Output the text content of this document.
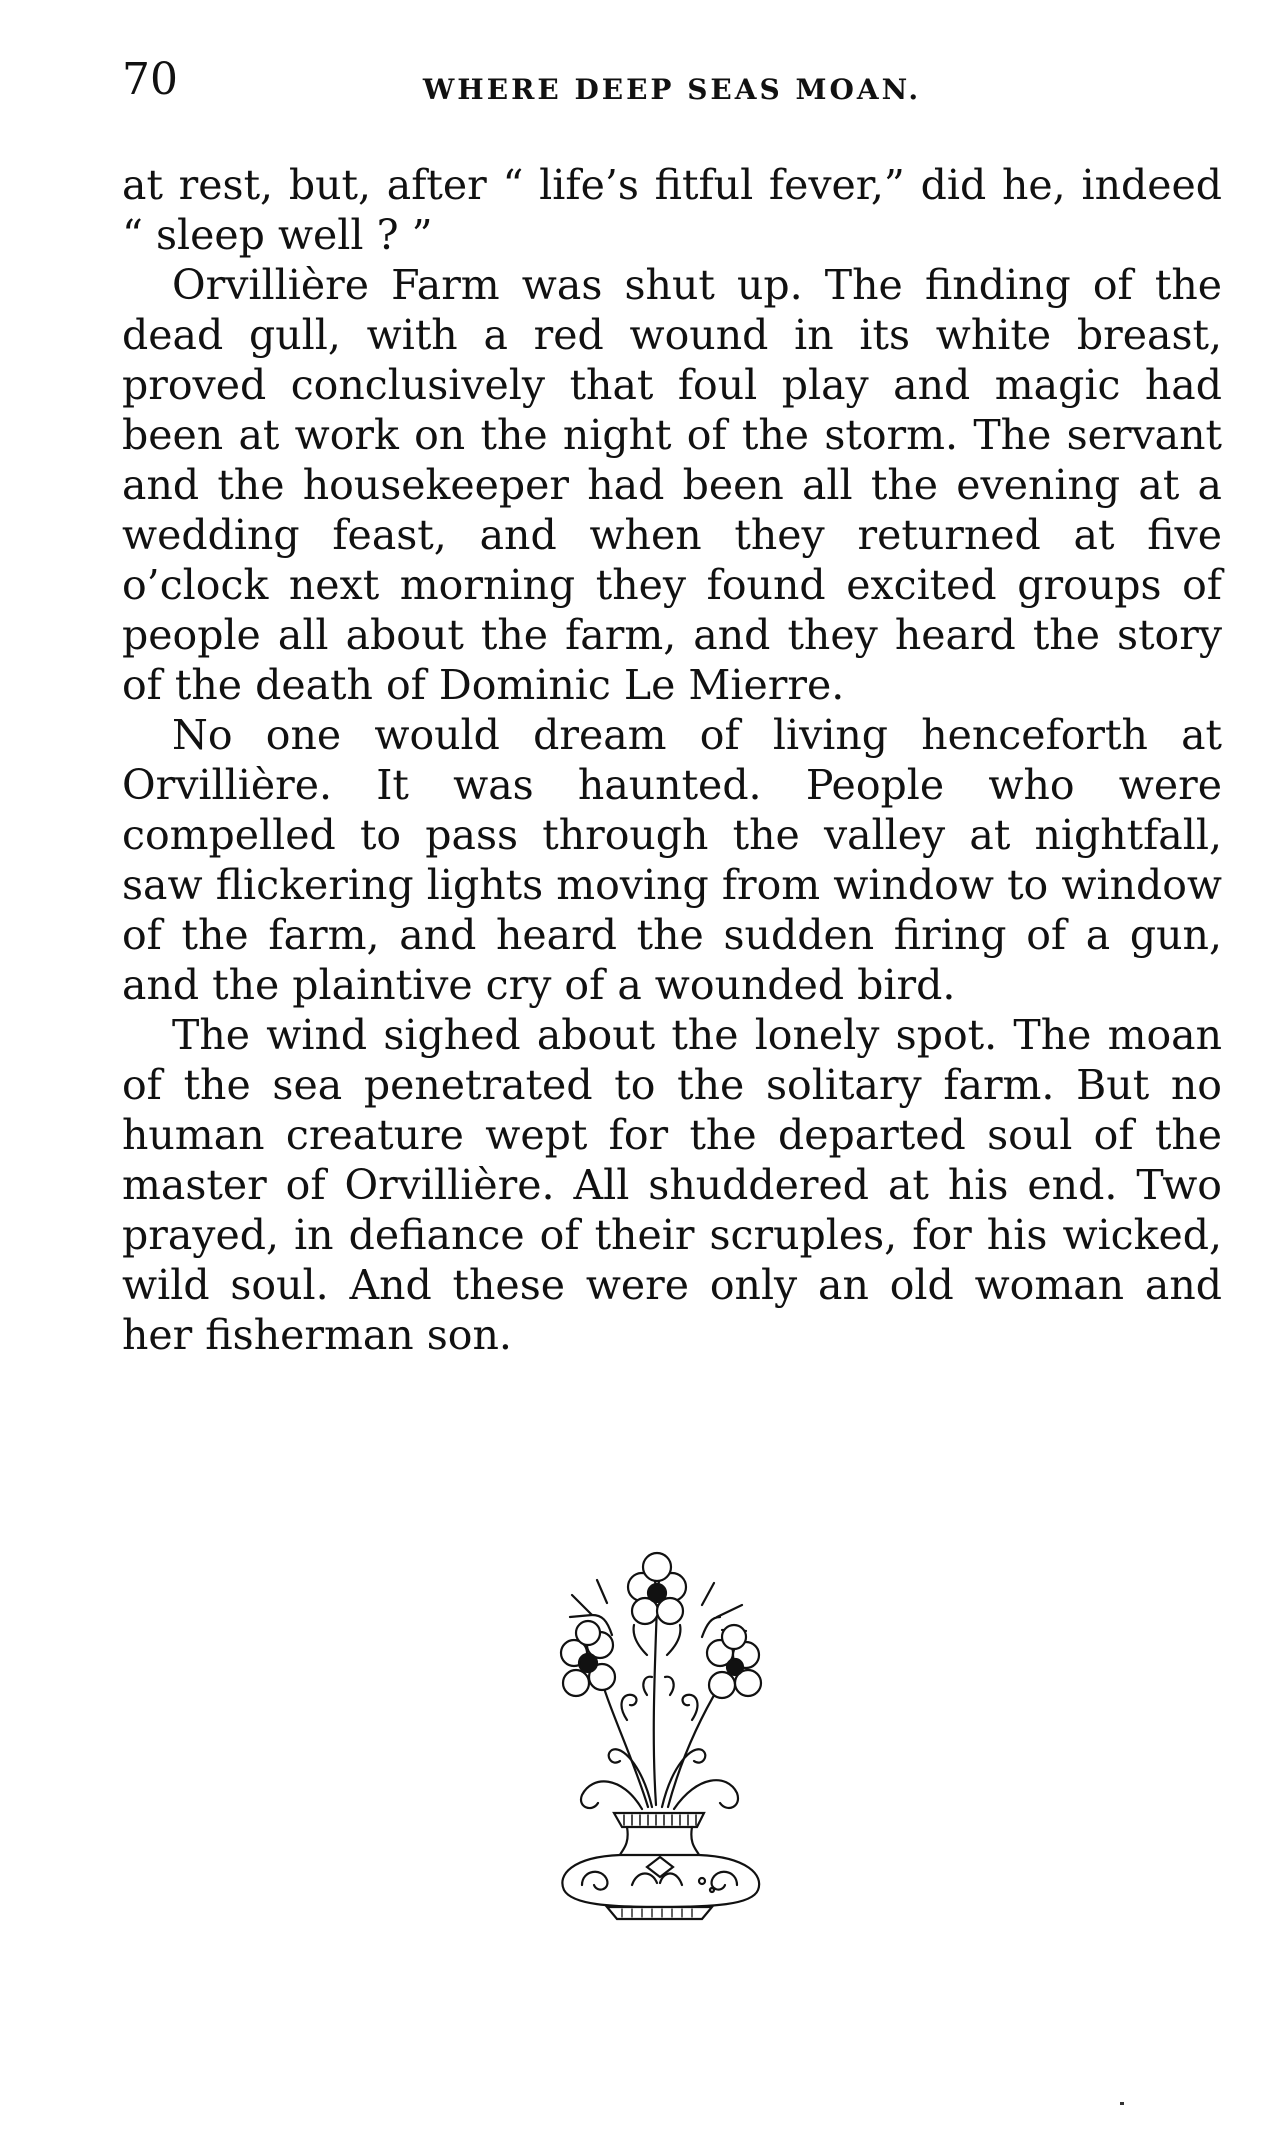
70	WHERE DEEP SEAS MOAN.

at rest, but, after “ life’s fitful fever,” did he, indeed “ sleep well ? ”

Orvillière Farm was shut up. The finding of the dead gull, with a red wound in its white breast, proved conclusively that foul play and magic had been at work on the night of the storm. The servant and the housekeeper had been all the evening at a wedding feast, and when they returned at five o’clock next morning they found excited groups of people all about the farm, and they heard the story of the death of Dominic Le Mierre.

No one would dream of living henceforth at Orvillière. It was haunted. People who were compelled to pass through the valley at nightfall, saw flickering lights moving from window to window of the farm, and heard the sudden firing of a gun, and the plaintive cry of a wounded bird.

The wind sighed about the lonely spot. The moan of the sea penetrated to the solitary farm. But no human creature wept for the departed soul of the master of Orvillière. All shuddered at his end. Two prayed, in defiance of their scruples, for his wicked, wild soul. And these were only an old woman and her fisherman son.
